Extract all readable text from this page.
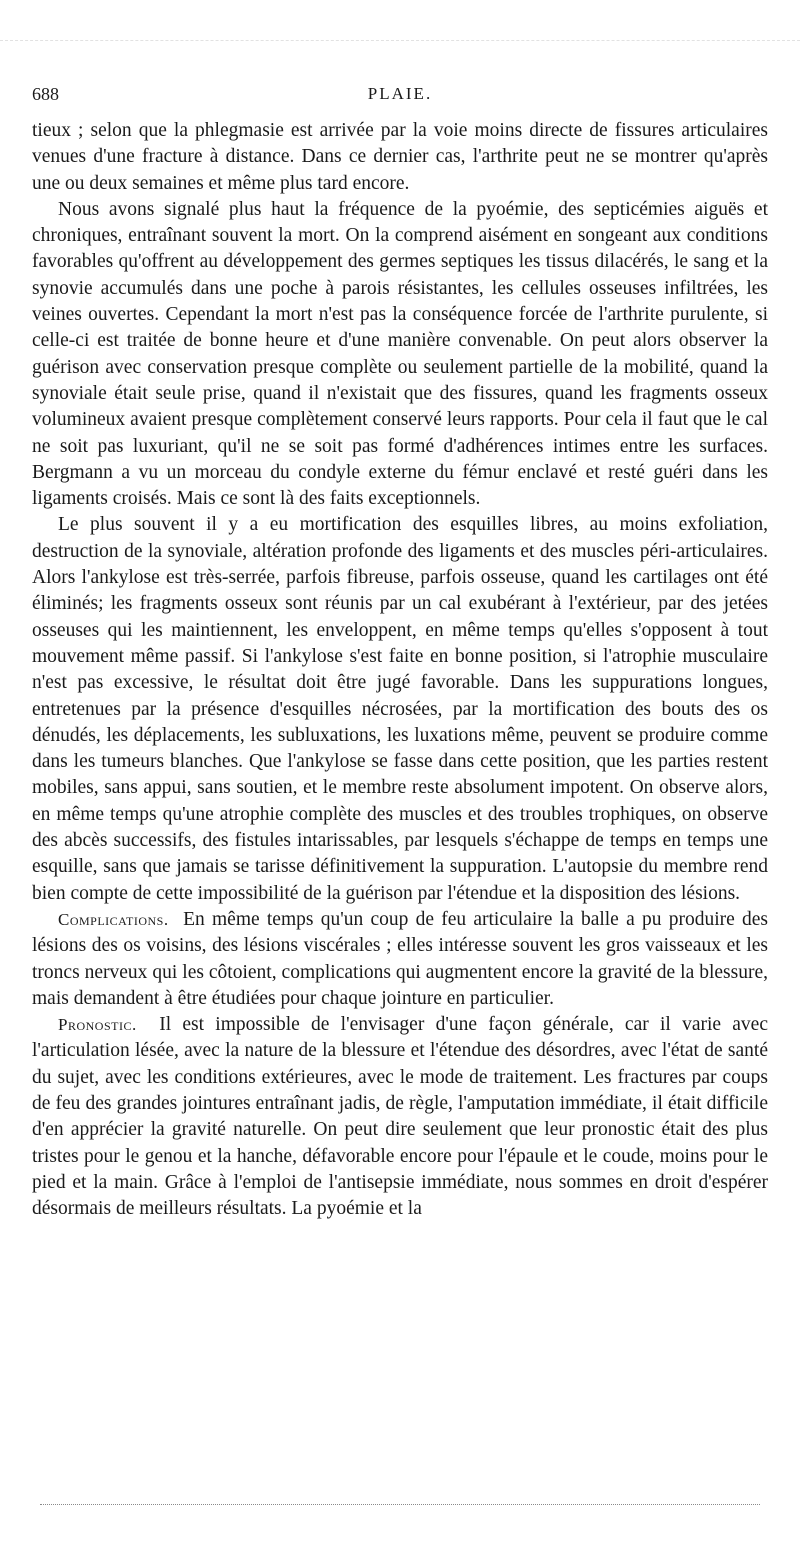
688	PLAIE.

tieux ; selon que la phlegmasie est arrivée par la voie moins directe de fissures articulaires venues d'une fracture à distance. Dans ce dernier cas, l'arthrite peut ne se montrer qu'après une ou deux semaines et même plus tard encore.

Nous avons signalé plus haut la fréquence de la pyoémie, des septicémies aiguës et chroniques, entraînant souvent la mort. On la comprend aisément en songeant aux conditions favorables qu'offrent au développement des germes septiques les tissus dilacérés, le sang et la synovie accumulés dans une poche à parois résistantes, les cellules osseuses infiltrées, les veines ouvertes. Cependant la mort n'est pas la conséquence forcée de l'arthrite purulente, si celle-ci est traitée de bonne heure et d'une manière convenable. On peut alors observer la guérison avec conservation presque complète ou seulement partielle de la mobilité, quand la synoviale était seule prise, quand il n'existait que des fissures, quand les fragments osseux volumineux avaient presque complètement conservé leurs rapports. Pour cela il faut que le cal ne soit pas luxuriant, qu'il ne se soit pas formé d'adhérences intimes entre les surfaces. Bergmann a vu un morceau du condyle externe du fémur enclavé et resté guéri dans les ligaments croisés. Mais ce sont là des faits exceptionnels.

Le plus souvent il y a eu mortification des esquilles libres, au moins exfoliation, destruction de la synoviale, altération profonde des ligaments et des muscles péri-articulaires. Alors l'ankylose est très-serrée, parfois fibreuse, parfois osseuse, quand les cartilages ont été éliminés; les fragments osseux sont réunis par un cal exubérant à l'extérieur, par des jetées osseuses qui les maintiennent, les enveloppent, en même temps qu'elles s'opposent à tout mouvement même passif. Si l'ankylose s'est faite en bonne position, si l'atrophie musculaire n'est pas excessive, le résultat doit être jugé favorable. Dans les suppurations longues, entretenues par la présence d'esquilles nécrosées, par la mortification des bouts des os dénudés, les déplacements, les subluxations, les luxations même, peuvent se produire comme dans les tumeurs blanches. Que l'ankylose se fasse dans cette position, que les parties restent mobiles, sans appui, sans soutien, et le membre reste absolument impotent. On observe alors, en même temps qu'une atrophie complète des muscles et des troubles trophiques, on observe des abcès successifs, des fistules intarissables, par lesquels s'échappe de temps en temps une esquille, sans que jamais se tarisse définitivement la suppuration. L'autopsie du membre rend bien compte de cette impossibilité de la guérison par l'étendue et la disposition des lésions.

Complications. En même temps qu'un coup de feu articulaire la balle a pu produire des lésions des os voisins, des lésions viscérales ; elles intéresse souvent les gros vaisseaux et les troncs nerveux qui les côtoient, complications qui augmentent encore la gravité de la blessure, mais demandent à être étudiées pour chaque jointure en particulier.

Pronostic. Il est impossible de l'envisager d'une façon générale, car il varie avec l'articulation lésée, avec la nature de la blessure et l'étendue des désordres, avec l'état de santé du sujet, avec les conditions extérieures, avec le mode de traitement. Les fractures par coups de feu des grandes jointures entraînant jadis, de règle, l'amputation immédiate, il était difficile d'en apprécier la gravité naturelle. On peut dire seulement que leur pronostic était des plus tristes pour le genou et la hanche, défavorable encore pour l'épaule et le coude, moins pour le pied et la main. Grâce à l'emploi de l'antisepsie immédiate, nous sommes en droit d'espérer désormais de meilleurs résultats. La pyoémie et la
